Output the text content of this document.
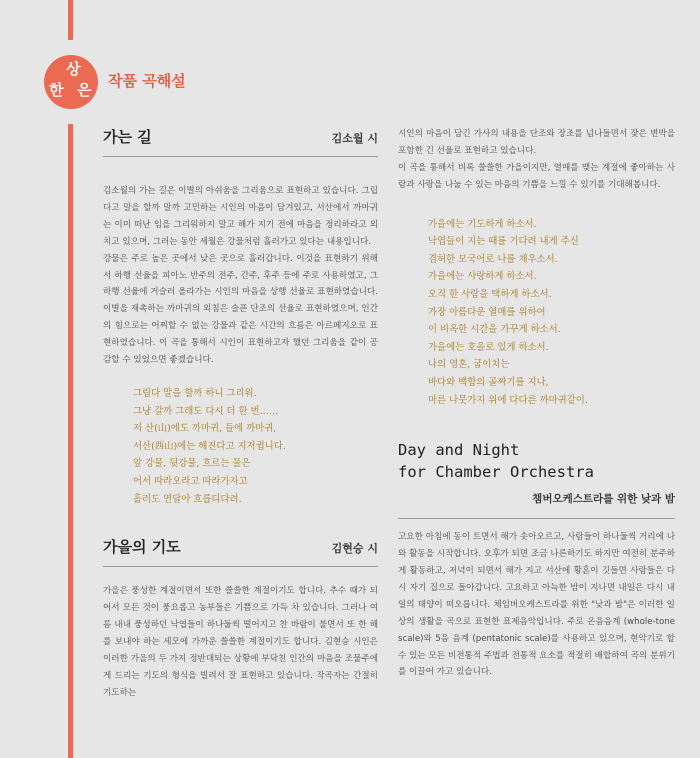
상
한 은 작품 곡해설
가는 길	김소월 시

김소월의 가는 길은 이별의 아쉬움을 그리움으로 표현하고 있습니다. 그립다고 말을 할까 말까 고민하는 시인의 마음이 담겨있고, 서산에서 까마귀는 이미 떠난 임을 그리워하지 말고 해가 지기 전에 마음을 정리하라고 외치고 있으며, 그러는 동안 세월은 강물처럼 흘러가고 있다는 내용입니다.

강물은 주로 높은 곳에서 낮은 곳으로 흘러갑니다. 이것을 표현하기 위해서 하행 선율을 피아노 반주의 전주, 간주, 후주 등에 주로 사용하였고, 그 하행 선율에 거슬러 올라가는 시인의 마음을 상행 선율로 표현하였습니다. 이별을 재촉하는 까마귀의 외침은 슬픈 단조의 선율로 표현하였으며, 인간의 힘으로는 어찌할 수 없는 강물과 같은 시간의 흐름은 아르페지오로 표현하였습니다. 이 곡을 통해서 시인이 표현하고자 했던 그리움을 같이 공감할 수 있었으면 좋겠습니다.

그립다 말을 할까 하니 그리워.
그냥 갈까 그래도 다시 더 한 번……
저 산(山)에도 까마귀, 들에 까마귀,
서산(西山)에는 해진다고 지저귑니다.
앞 강물, 뒷강물, 흐르는 물은
어서 따라오라고 따라가자고
흘러도 연달아 흐릅디다려.
가을의 기도	김현승 시

가을은 풍성한 계절이면서 또한 쓸쓸한 계절이기도 합니다. 추수 때가 되어서 모든 것이 풍요롭고 농부들은 기쁨으로 가득 차 있습니다. 그러나 여름 내내 풍성하던 낙엽들이 하나둘씩 떨어지고 찬 바람이 불면서 또 한 해를 보내야 하는 세모에 가까운 쓸쓸한 계절이기도 합니다. 김현승 시인은 이러한 가을의 두 가지 정반대되는 상황에 부닥친 인간의 마음을 조물주에게 드리는 기도의 형식을 빌려서 잘 표현하고 있습니다. 작곡자는 간절히 기도하는

시인의 마음이 담긴 가사의 내용을 단조와 장조를 넘나들면서 잦은 변박을 포함한 긴 선율로 표현하고 있습니다.

이 곡을 통해서 비록 쓸쓸한 가을이지만, 열매를 맺는 계절에 좋아하는 사람과 사랑을 나눌 수 있는 마음의 기쁨을 느낄 수 있기를 기대해봅니다.

가을에는 기도하게 하소서.
낙엽들이 지는 때를 기다려 내게 주신
겸허한 모국어로 나를 채우소서.
가을에는 사랑하게 하소서.
오직 한 사람을 택하게 하소서.
가장 아름다운 열매를 위하여
이 비옥한 시간을 가꾸게 하소서.
가을에는 호올로 있게 하소서.
나의 영혼, 굽이치는
바다와 백합의 골짜기를 지나,
마른 나뭇가지 위에 다다른 까마귀같이.
Day and Night
for Chamber Orchestra
챔버오케스트라를 위한 낮과 밤

고요한 아침에 동이 트면서 해가 솟아오르고, 사람들이 하나둘씩 거리에 나와 활동을 시작합니다. 오후가 되면 조금 나른하기도 하지만 여전히 분주하게 활동하고, 저녁이 되면서 해가 지고 서산에 황혼이 깃들면 사람들은 다시 자기 집으로 돌아갑니다. 고요하고 아늑한 밤이 지나면 내일은 다시 내일의 태양이 떠오릅니다. 체임버오케스트라를 위한 "낮과 밤"은 이러한 일상의 생활을 곡으로 표현한 표제음악입니다. 주로 온음음계 (whole-tone scale)와 5음 음계 (pentatonic scale)를 사용하고 있으며, 현악기로 할 수 있는 모든 비전통적 주법과 전통적 요소를 적절히 배합하여 곡의 분위기를 이끌어 가고 있습니다.
